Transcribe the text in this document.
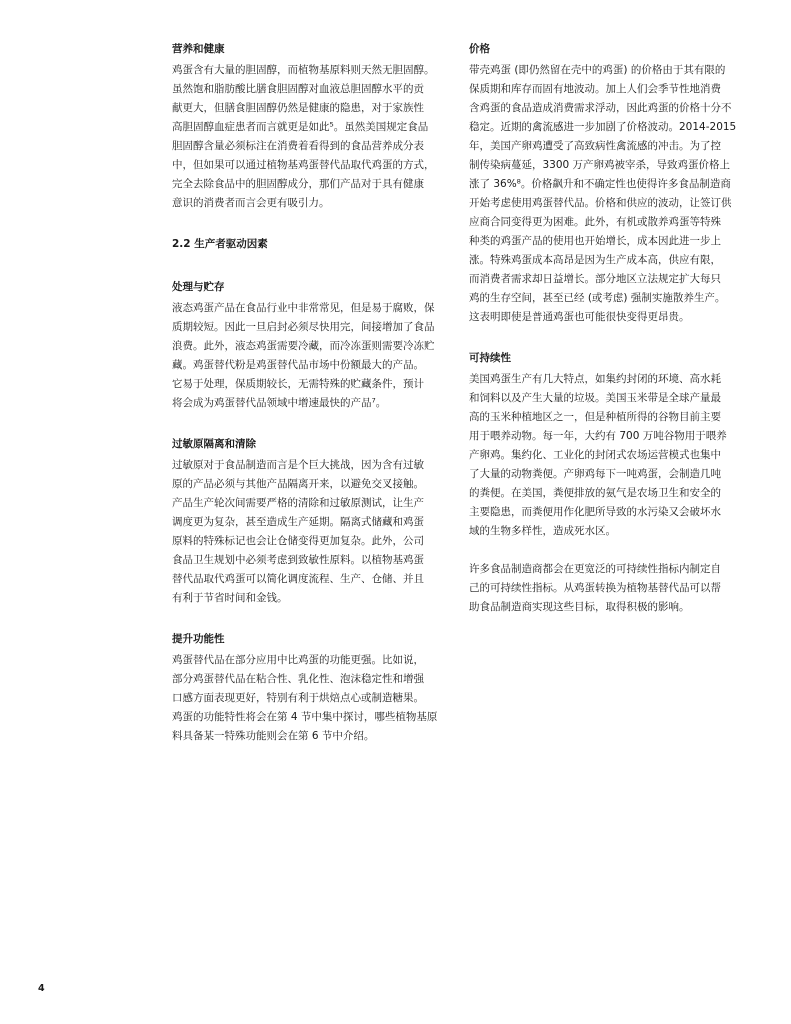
营养和健康

鸡蛋含有大量的胆固醇，而植物基原料则天然无胆固醇。
虽然饱和脂肪酸比膳食胆固醇对血液总胆固醇水平的贡
献更大，但膳食胆固醇仍然是健康的隐患，对于家族性
高胆固醇血症患者而言就更是如此⁵。虽然美国规定食品
胆固醇含量必须标注在消费着看得到的食品营养成分表
中，但如果可以通过植物基鸡蛋替代品取代鸡蛋的方式，
完全去除食品中的胆固醇成分，那们产品对于具有健康
意识的消费者而言会更有吸引力。

2.2 生产者驱动因素
处理与贮存

液态鸡蛋产品在食品行业中非常常见，但是易于腐败，保
质期较短。因此一旦启封必须尽快用完，间接增加了食品
浪费。此外，液态鸡蛋需要冷藏，而冷冻蛋则需要冷冻贮
藏。鸡蛋替代粉是鸡蛋替代品市场中份额最大的产品。
它易于处理，保质期较长，无需特殊的贮藏条件，预计
将会成为鸡蛋替代品领域中增速最快的产品⁷。

过敏原隔离和清除

过敏原对于食品制造而言是个巨大挑战，因为含有过敏
原的产品必须与其他产品隔离开来，以避免交叉接触。
产品生产轮次间需要严格的清除和过敏原测试，让生产
调度更为复杂，甚至造成生产延期。隔离式储藏和鸡蛋
原料的特殊标记也会让仓储变得更加复杂。此外，公司
食品卫生规划中必须考虑到致敏性原料。以植物基鸡蛋
替代品取代鸡蛋可以简化调度流程、生产、仓储、并且
有利于节省时间和金钱。

提升功能性

鸡蛋替代品在部分应用中比鸡蛋的功能更强。比如说，
部分鸡蛋替代品在粘合性、乳化性、泡沫稳定性和增强
口感方面表现更好，特别有利于烘焙点心或制造糖果。
鸡蛋的功能特性将会在第 4 节中集中探讨，哪些植物基原
料具备某一特殊功能则会在第 6 节中介绍。

价格

带壳鸡蛋 (即仍然留在壳中的鸡蛋) 的价格由于其有限的
保质期和库存而固有地波动。加上人们会季节性地消费
含鸡蛋的食品造成消费需求浮动，因此鸡蛋的价格十分不
稳定。近期的禽流感进一步加剧了价格波动。2014-2015
年，美国产卵鸡遭受了高致病性禽流感的冲击。为了控
制传染病蔓延，3300 万产卵鸡被宰杀，导致鸡蛋价格上
涨了 36%⁸。价格飙升和不确定性也使得许多食品制造商
开始考虑使用鸡蛋替代品。价格和供应的波动，让签订供
应商合同变得更为困难。此外，有机或散养鸡蛋等特殊
种类的鸡蛋产品的使用也开始增长，成本因此进一步上
涨。特殊鸡蛋成本高昂是因为生产成本高，供应有限，
而消费者需求却日益增长。部分地区立法规定扩大每只
鸡的生存空间，甚至已经 (或考虑) 强制实施散养生产。
这表明即使是普通鸡蛋也可能很快变得更昂贵。

可持续性

美国鸡蛋生产有几大特点，如集约封闭的环境、高水耗
和饲料以及产生大量的垃圾。美国玉米带是全球产量最
高的玉米种植地区之一，但是种植所得的谷物目前主要
用于喂养动物。每一年，大约有 700 万吨谷物用于喂养
产卵鸡。集约化、工业化的封闭式农场运营模式也集中
了大量的动物粪便。产卵鸡每下一吨鸡蛋，会制造几吨
的粪便。在美国，粪便排放的氨气是农场卫生和安全的
主要隐患，而粪便用作化肥所导致的水污染又会破坏水
域的生物多样性，造成死水区。

许多食品制造商都会在更宽泛的可持续性指标内制定自
己的可持续性指标。从鸡蛋转换为植物基替代品可以帮
助食品制造商实现这些目标，取得积极的影响。

4
